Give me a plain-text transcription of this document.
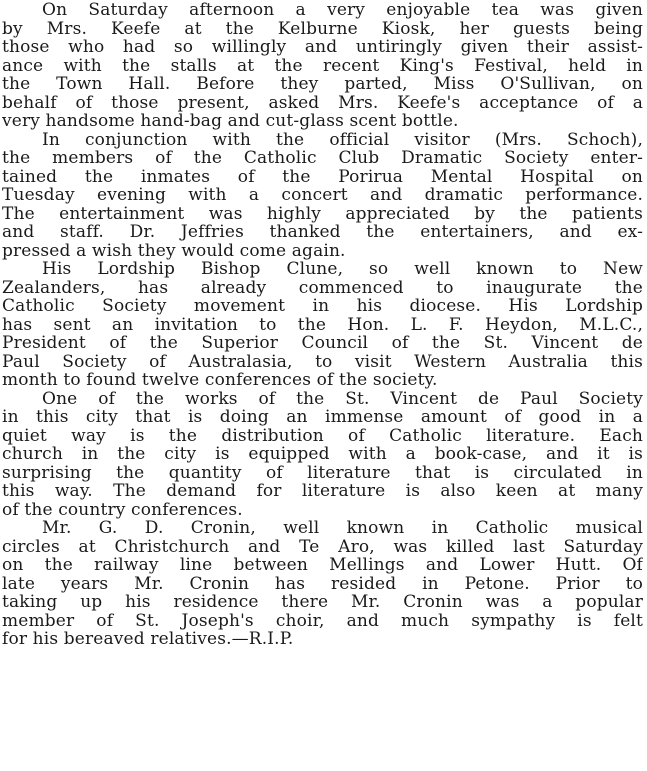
On Saturday afternoon a very enjoyable tea was given
by Mrs. Keefe at the Kelburne Kiosk, her guests being
those who had so willingly and untiringly given their assist-
ance with the stalls at the recent King's Festival, held in
the Town Hall. Before they parted, Miss O'Sullivan, on
behalf of those present, asked Mrs. Keefe's acceptance of a
very handsome hand-bag and cut-glass scent bottle.
In conjunction with the official visitor (Mrs. Schoch),
the members of the Catholic Club Dramatic Society enter-
tained the inmates of the Porirua Mental Hospital on
Tuesday evening with a concert and dramatic performance.
The entertainment was highly appreciated by the patients
and staff. Dr. Jeffries thanked the entertainers, and ex-
pressed a wish they would come again.
His Lordship Bishop Clune, so well known to New
Zealanders, has already commenced to inaugurate the
Catholic Society movement in his diocese. His Lordship
has sent an invitation to the Hon. L. F. Heydon, M.L.C.,
President of the Superior Council of the St. Vincent de
Paul Society of Australasia, to visit Western Australia this
month to found twelve conferences of the society.
One of the works of the St. Vincent de Paul Society
in this city that is doing an immense amount of good in a
quiet way is the distribution of Catholic literature. Each
church in the city is equipped with a book-case, and it is
surprising the quantity of literature that is circulated in
this way. The demand for literature is also keen at many
of the country conferences.
Mr. G. D. Cronin, well known in Catholic musical
circles at Christchurch and Te Aro, was killed last Saturday
on the railway line between Mellings and Lower Hutt. Of
late years Mr. Cronin has resided in Petone. Prior to
taking up his residence there Mr. Cronin was a popular
member of St. Joseph's choir, and much sympathy is felt
for his bereaved relatives.—R.I.P.
